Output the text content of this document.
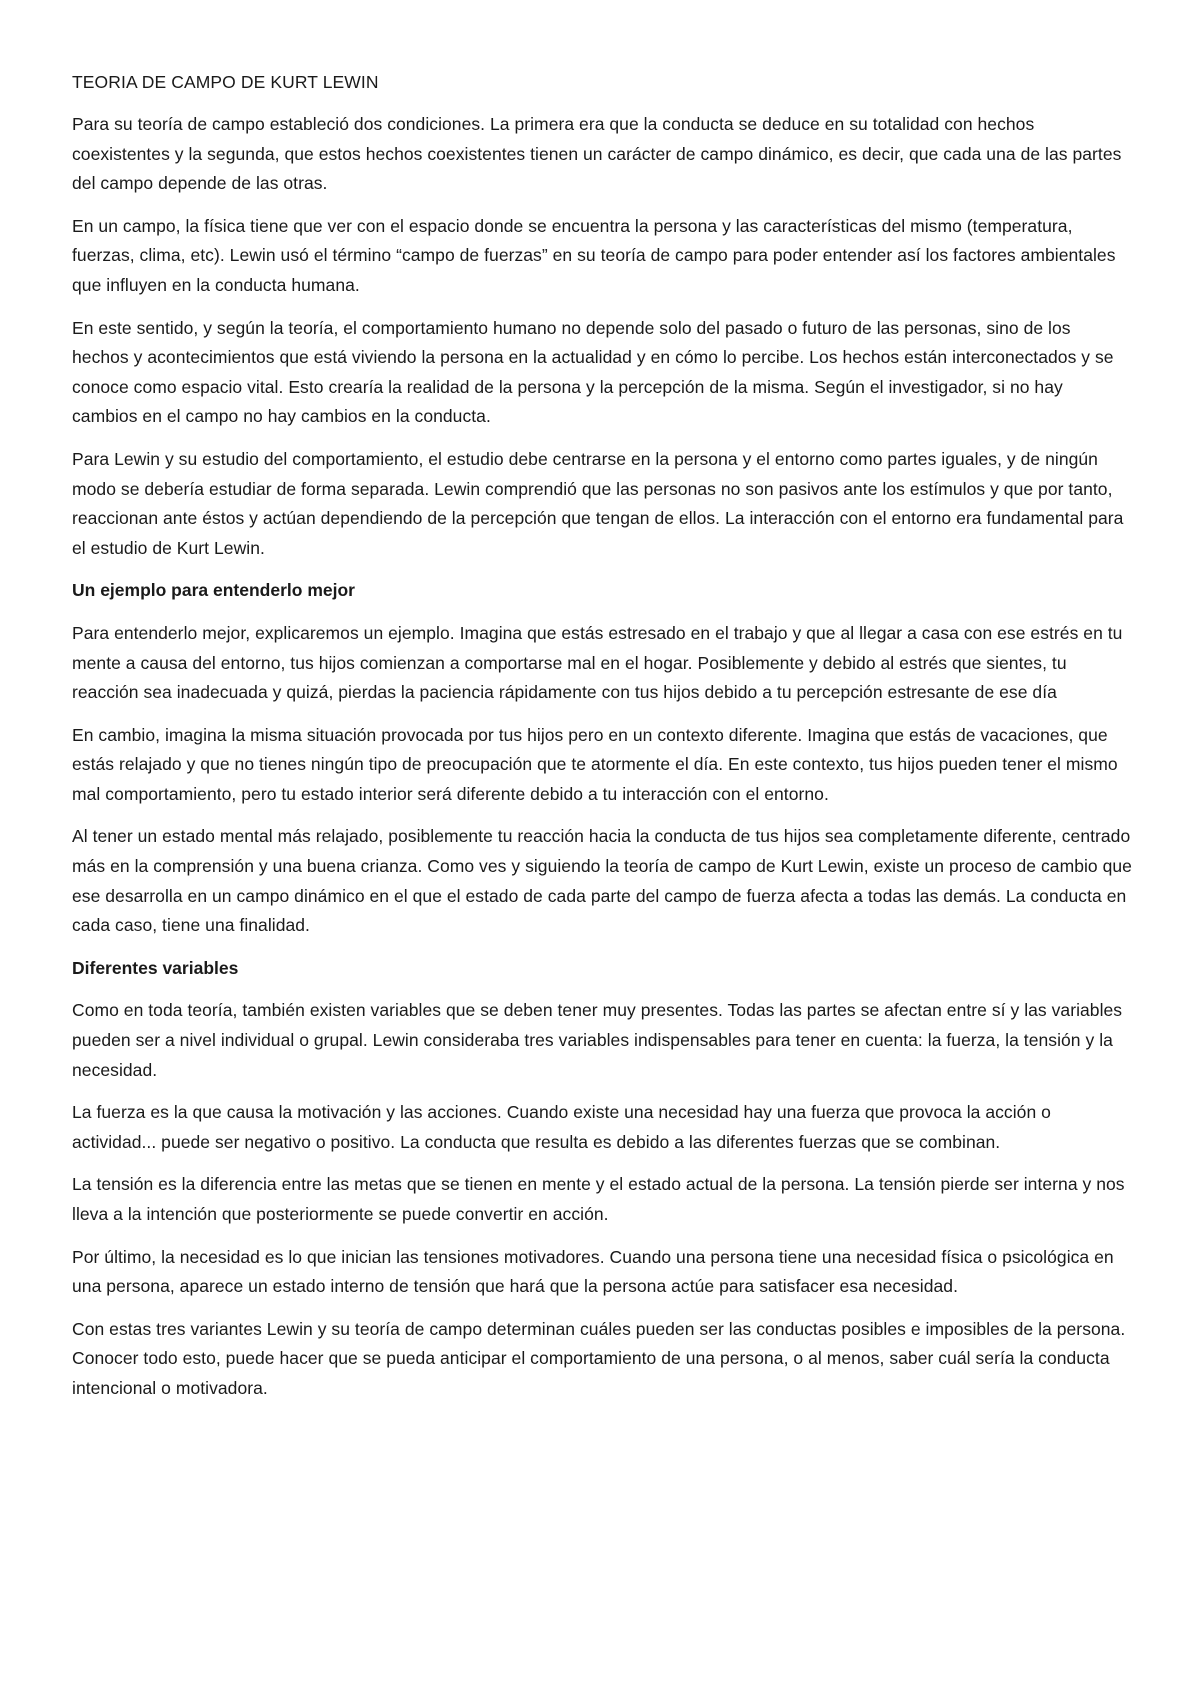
TEORIA DE CAMPO DE KURT LEWIN

Para su teoría de campo estableció dos condiciones. La primera era que la conducta se deduce en su totalidad con hechos coexistentes y la segunda, que estos hechos coexistentes tienen un carácter de campo dinámico, es decir, que cada una de las partes del campo depende de las otras.

En un campo, la física tiene que ver con el espacio donde se encuentra la persona y las características del mismo (temperatura, fuerzas, clima, etc). Lewin usó el término “campo de fuerzas” en su teoría de campo para poder entender así los factores ambientales que influyen en la conducta humana.

En este sentido, y según la teoría, el comportamiento humano no depende solo del pasado o futuro de las personas, sino de los hechos y acontecimientos que está viviendo la persona en la actualidad y en cómo lo percibe. Los hechos están interconectados y se conoce como espacio vital. Esto crearía la realidad de la persona y la percepción de la misma. Según el investigador, si no hay cambios en el campo no hay cambios en la conducta.

Para Lewin y su estudio del comportamiento, el estudio debe centrarse en la persona y el entorno como partes iguales, y de ningún modo se debería estudiar de forma separada. Lewin comprendió que las personas no son pasivos ante los estímulos y que por tanto, reaccionan ante éstos y actúan dependiendo de la percepción que tengan de ellos. La interacción con el entorno era fundamental para el estudio de Kurt Lewin.

Un ejemplo para entenderlo mejor

Para entenderlo mejor, explicaremos un ejemplo. Imagina que estás estresado en el trabajo y que al llegar a casa con ese estrés en tu mente a causa del entorno, tus hijos comienzan a comportarse mal en el hogar. Posiblemente y debido al estrés que sientes, tu reacción sea inadecuada y quizá, pierdas la paciencia rápidamente con tus hijos debido a tu percepción estresante de ese día

En cambio, imagina la misma situación provocada por tus hijos pero en un contexto diferente. Imagina que estás de vacaciones, que estás relajado y que no tienes ningún tipo de preocupación que te atormente el día. En este contexto, tus hijos pueden tener el mismo mal comportamiento, pero tu estado interior será diferente debido a tu interacción con el entorno.

Al tener un estado mental más relajado, posiblemente tu reacción hacia la conducta de tus hijos sea completamente diferente, centrado más en la comprensión y una buena crianza. Como ves y siguiendo la teoría de campo de Kurt Lewin, existe un proceso de cambio que ese desarrolla en un campo dinámico en el que el estado de cada parte del campo de fuerza afecta a todas las demás. La conducta en cada caso, tiene una finalidad.

Diferentes variables

Como en toda teoría, también existen variables que se deben tener muy presentes. Todas las partes se afectan entre sí y las variables pueden ser a nivel individual o grupal. Lewin consideraba tres variables indispensables para tener en cuenta: la fuerza, la tensión y la necesidad.

La fuerza es la que causa la motivación y las acciones. Cuando existe una necesidad hay una fuerza que provoca la acción o actividad... puede ser negativo o positivo. La conducta que resulta es debido a las diferentes fuerzas que se combinan.

La tensión es la diferencia entre las metas que se tienen en mente y el estado actual de la persona. La tensión pierde ser interna y nos lleva a la intención que posteriormente se puede convertir en acción.

Por último, la necesidad es lo que inician las tensiones motivadores. Cuando una persona tiene una necesidad física o psicológica en una persona, aparece un estado interno de tensión que hará que la persona actúe para satisfacer esa necesidad.

Con estas tres variantes Lewin y su teoría de campo determinan cuáles pueden ser las conductas posibles e imposibles de la persona. Conocer todo esto, puede hacer que se pueda anticipar el comportamiento de una persona, o al menos, saber cuál sería la conducta intencional o motivadora.
